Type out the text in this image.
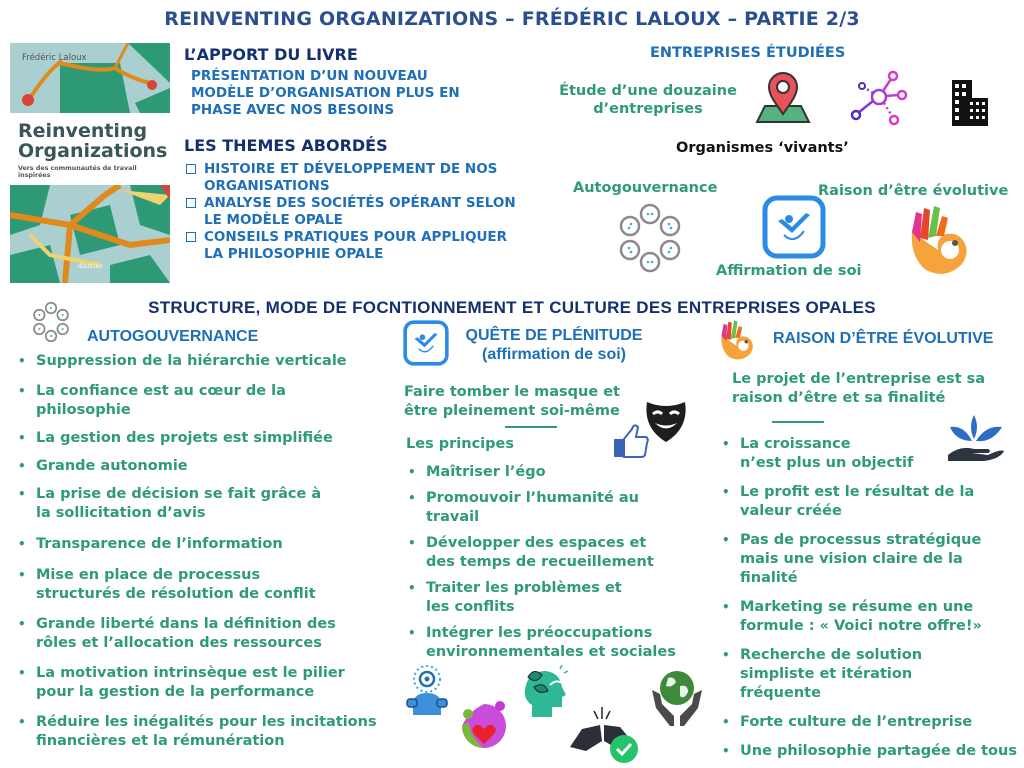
REINVENTING ORGANIZATIONS – FRÉDÉRIC LALOUX – PARTIE 2/3
Frédéric Laloux
Reinventing
Organizations
Vers des communautés de travail inspirées
diateino
L’APPORT DU LIVRE
PRÉSENTATION D’UN NOUVEAU
MODÈLE D’ORGANISATION PLUS EN
PHASE AVEC NOS BESOINS
LES THEMES ABORDÉS
HISTOIRE ET DÉVELOPPEMENT DE NOS
ORGANISATIONS
ANALYSE DES SOCIÉTÉS OPÉRANT SELON
LE MODÈLE OPALE
CONSEILS PRATIQUES POUR APPLIQUER
LA PHILOSOPHIE OPALE
ENTREPRISES ÉTUDIÉES
Étude d’une douzaine
d’entreprises
Organismes ‘vivants’
Autogouvernance	Raison d’être évolutive
Affirmation de soi
STRUCTURE, MODE DE FOCNTIONNEMENT ET CULTURE DES ENTREPRISES OPALES
AUTOGOUVERNANCE
• Suppression de la hiérarchie verticale
• La confiance est au cœur de la
philosophie
• La gestion des projets est simplifiée
• Grande autonomie
• La prise de décision se fait grâce à
la sollicitation d’avis
• Transparence de l’information
• Mise en place de processus
structurés de résolution de conflit
• Grande liberté dans la définition des
rôles et l’allocation des ressources
• La motivation intrinsèque est le pilier
pour la gestion de la performance
• Réduire les inégalités pour les incitations
financières et la rémunération
QUÊTE DE PLÉNITUDE
(affirmation de soi)
Faire tomber le masque et
être pleinement soi-même
Les principes
• Maîtriser l’égo
• Promouvoir l’humanité au
travail
• Développer des espaces et
des temps de recueillement
• Traiter les problèmes et
les conflits
• Intégrer les préoccupations
environnementales et sociales
RAISON D’ÊTRE ÉVOLUTIVE
Le projet de l’entreprise est sa
raison d’être et sa finalité
• La croissance
n’est plus un objectif
• Le profit est le résultat de la
valeur créée
• Pas de processus stratégique
mais une vision claire de la
finalité
• Marketing se résume en une
formule : « Voici notre offre!»
• Recherche de solution
simpliste et itération
fréquente
• Forte culture de l’entreprise
• Une philosophie partagée de tous
